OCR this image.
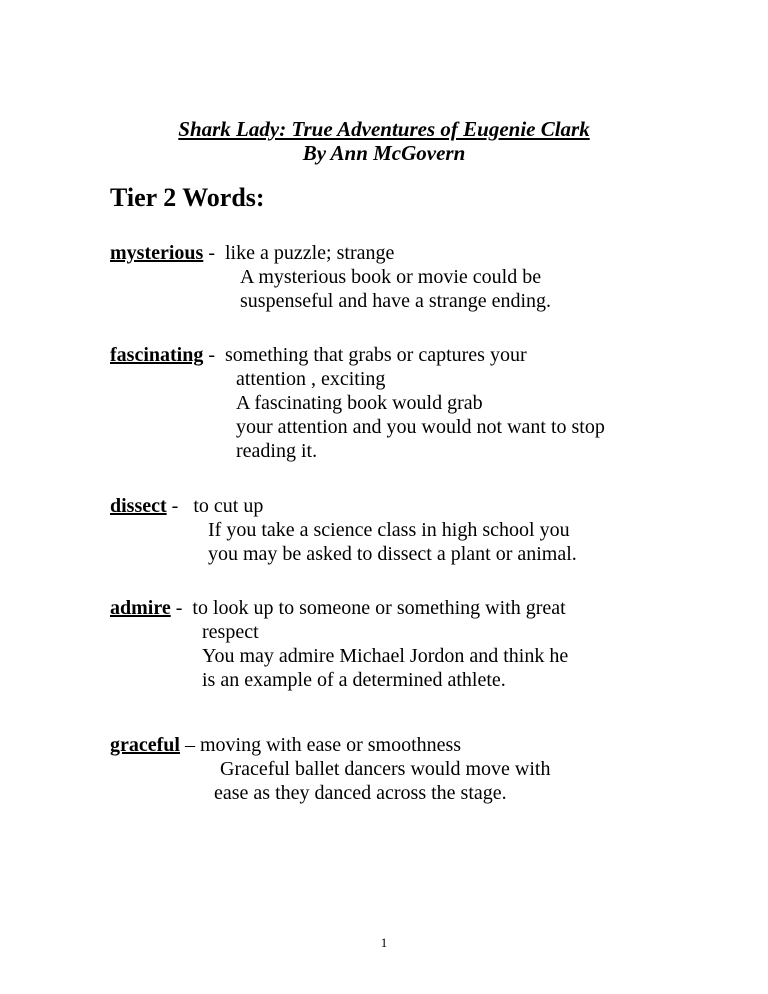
Shark Lady: True Adventures of Eugenie Clark
By Ann McGovern
Tier 2 Words:
mysterious -  like a puzzle; strange
A mysterious book or movie could be
suspenseful and have a strange ending.
fascinating -  something that grabs or captures your
attention , exciting
A fascinating book would grab
your attention and you would not want to stop
reading it.
dissect -   to cut up
If you take a science class in high school you
you may be asked to dissect a plant or animal.
admire -  to look up to someone or something with great
respect
You may admire Michael Jordon and think he
is an example of a determined athlete.
graceful – moving with ease or smoothness
Graceful ballet dancers would move with
ease as they danced across the stage.
1
